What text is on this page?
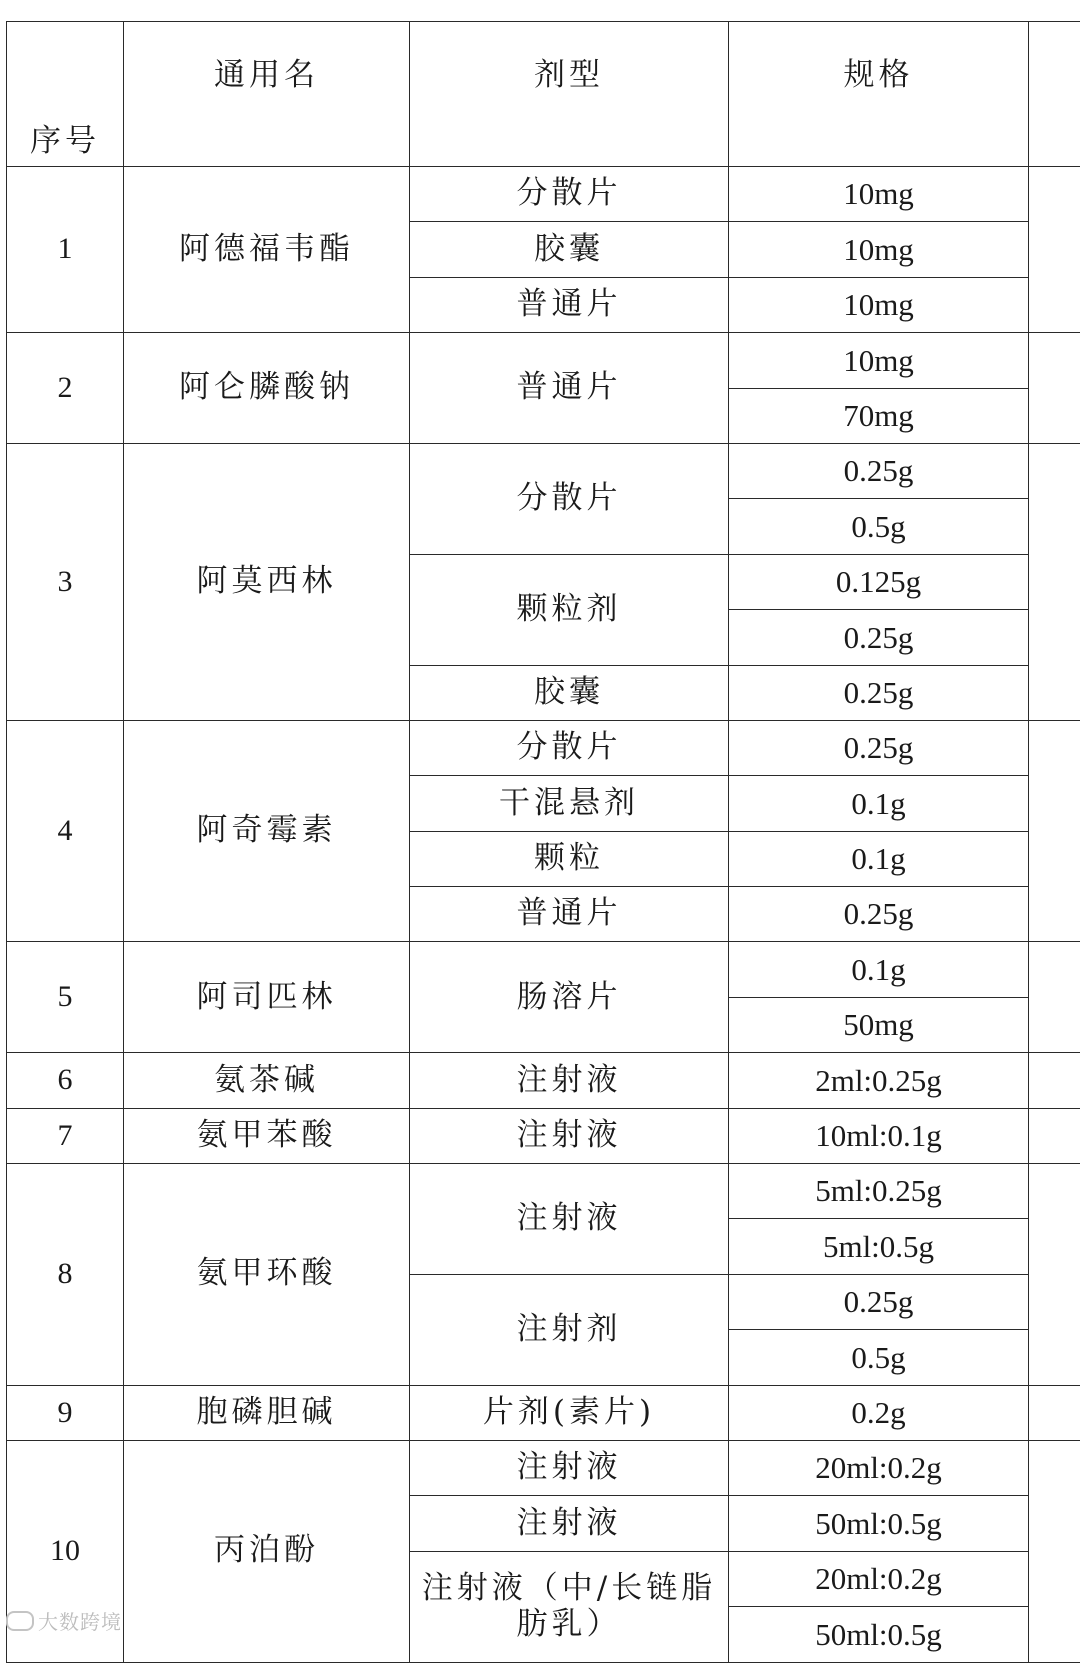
序号	通用名	剂型	规格	
1	阿德福韦酯	分散片	10mg	
		胶囊	10mg	
		普通片	10mg	
2	阿仑膦酸钠	普通片	10mg	
			70mg	
3	阿莫西林	分散片	0.25g	
			0.5g	
		颗粒剂	0.125g	
			0.25g	
		胶囊	0.25g	
4	阿奇霉素	分散片	0.25g	
		干混悬剂	0.1g	
		颗粒	0.1g	
		普通片	0.25g	
5	阿司匹林	肠溶片	0.1g	
			50mg	
6	氨茶碱	注射液	2ml:0.25g	
7	氨甲苯酸	注射液	10ml:0.1g	
8	氨甲环酸	注射液	5ml:0.25g	
			5ml:0.5g	
		注射剂	0.25g	
			0.5g	
9	胞磷胆碱	片剂(素片)	0.2g	
10	丙泊酚	注射液	20ml:0.2g	
		注射液	50ml:0.5g	
		注射液（中/长链脂肪乳）	20ml:0.2g	
			50ml:0.5g	
大数跨境
